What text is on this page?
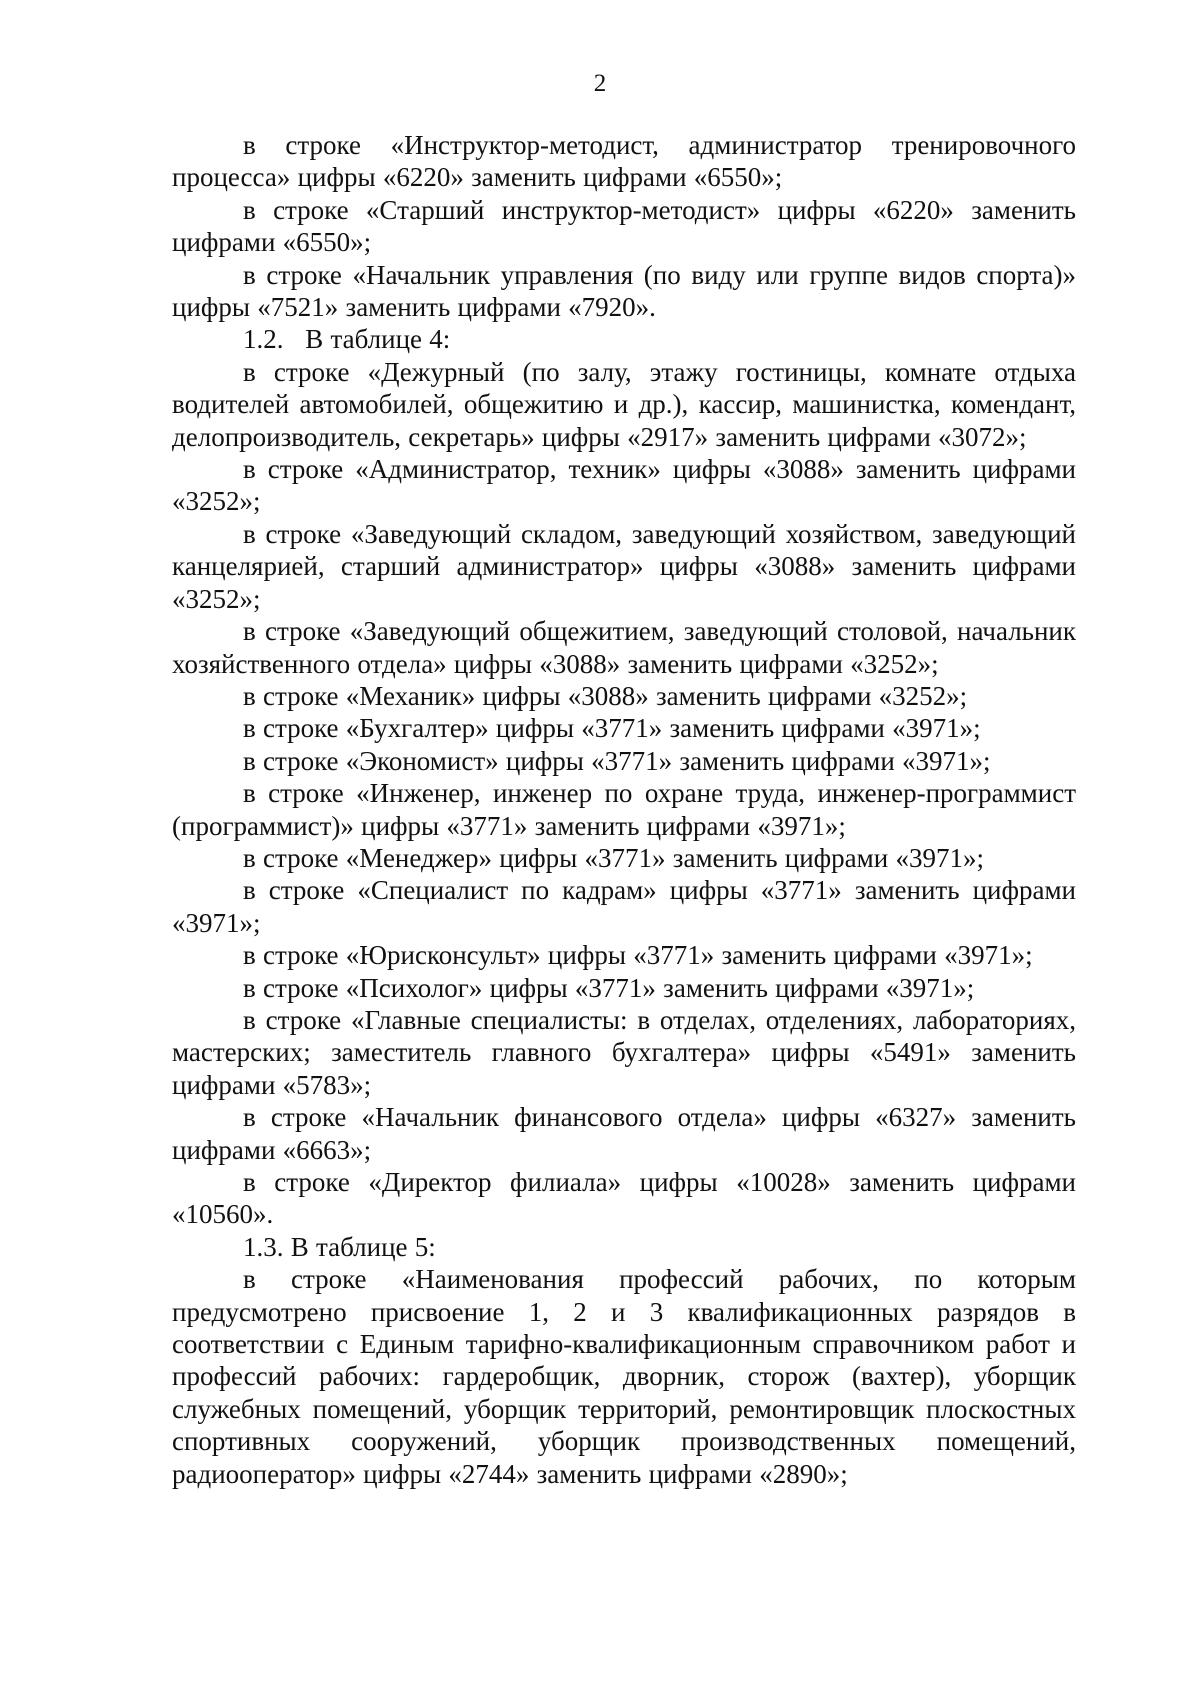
2

в строке «Инструктор-методист, администратор тренировочного процесса» цифры «6220» заменить цифрами «6550»;

в строке «Старший инструктор-методист» цифры «6220» заменить цифрами «6550»;

в строке «Начальник управления (по виду или группе видов спорта)» цифры «7521» заменить цифрами «7920».

1.2.   В таблице 4:

в строке «Дежурный (по залу, этажу гостиницы, комнате отдыха водителей автомобилей, общежитию и др.), кассир, машинистка, комендант, делопроизводитель, секретарь» цифры «2917» заменить цифрами «3072»;

в строке «Администратор, техник» цифры «3088» заменить цифрами «3252»;

в строке «Заведующий складом, заведующий хозяйством, заведующий канцелярией, старший администратор» цифры «3088» заменить цифрами «3252»;

в строке «Заведующий общежитием, заведующий столовой, начальник хозяйственного отдела» цифры «3088» заменить цифрами «3252»;

в строке «Механик» цифры «3088» заменить цифрами «3252»;

в строке «Бухгалтер» цифры «3771» заменить цифрами «3971»;

в строке «Экономист» цифры «3771» заменить цифрами «3971»;

в строке «Инженер, инженер по охране труда, инженер-программист (программист)» цифры «3771» заменить цифрами «3971»;

в строке «Менеджер» цифры «3771» заменить цифрами «3971»;

в строке «Специалист по кадрам» цифры «3771» заменить цифрами «3971»;

в строке «Юрисконсульт» цифры «3771» заменить цифрами «3971»;

в строке «Психолог» цифры «3771» заменить цифрами «3971»;

в строке «Главные специалисты: в отделах, отделениях, лабораториях, мастерских; заместитель главного бухгалтера» цифры «5491» заменить цифрами «5783»;

в строке «Начальник финансового отдела» цифры «6327» заменить цифрами «6663»;

в строке «Директор филиала» цифры «10028» заменить цифрами «10560».

1.3. В таблице 5:

в строке «Наименования профессий рабочих, по которым предусмотрено присвоение 1, 2 и 3 квалификационных разрядов в соответствии с Единым тарифно-квалификационным справочником работ и профессий рабочих: гардеробщик, дворник, сторож (вахтер), уборщик служебных помещений, уборщик территорий, ремонтировщик плоскостных спортивных сооружений, уборщик производственных помещений, радиооператор» цифры «2744» заменить цифрами «2890»;
